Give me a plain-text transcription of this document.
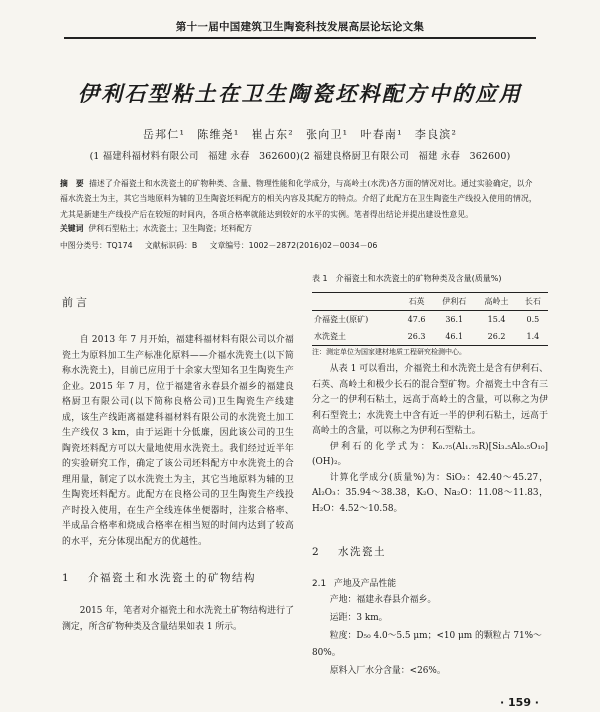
第十一届中国建筑卫生陶瓷科技发展高层论坛论文集
伊利石型粘土在卫生陶瓷坯料配方中的应用
岳邦仁¹　陈维尧¹　崔占东²　张向卫¹　叶春南¹　李良滨²
(1 福建科福材料有限公司　福建 永春　362600)(2 福建良格厨卫有限公司　福建 永春　362600)
摘　要 描述了介福瓷土和水洗瓷土的矿物种类、含量、物理性能和化学成分，与高岭土(水洗)各方面的情况对比。通过实验确定，以介福水洗瓷土为主，其它当地原料为辅的卫生陶瓷坯料配方的相关内容及其配方的特点。介绍了此配方在卫生陶瓷生产线投入使用的情况，尤其是新建生产线投产后在较短的时间内，各项合格率就能达到较好的水平的实例。笔者得出结论并提出建设性意见。
关键词 伊利石型粘土；水洗瓷土；卫生陶瓷；坯料配方
中图分类号：TQ174 文献标识码：B 文章编号：1002－2872(2016)02－0034－06
前言

自 2013 年 7 月开始，福建科福材料有限公司以介福瓷土为原料加工生产标准化原料——介福水洗瓷土(以下简称水洗瓷土)，目前已应用于十余家大型知名卫生陶瓷生产企业。2015 年 7 月，位于福建省永春县介福乡的福建良格厨卫有限公司(以下简称良格公司)卫生陶瓷生产线建成，该生产线距离福建科福材料有限公司的水洗瓷土加工生产线仅 3 km，由于运距十分低廉，因此该公司的卫生陶瓷坯料配方可以大量地使用水洗瓷土。我们经过近半年的实验研究工作，确定了该公司坯料配方中水洗瓷土的合理用量，制定了以水洗瓷土为主，其它当地原料为辅的卫生陶瓷坯料配方。此配方在良格公司的卫生陶瓷生产线投产时投入使用，在生产全线连体坐便器时，注浆合格率、半成品合格率和烧成合格率在相当短的时间内达到了较高的水平，充分体现出配方的优越性。

1 介福瓷土和水洗瓷土的矿物结构

2015 年，笔者对介福瓷土和水洗瓷土矿物结构进行了测定，所含矿物种类及含量结果如表 1 所示。

表 1　介福瓷土和水洗瓷土的矿物种类及含量(质量%)
	石英	伊利石	高岭土	长石
介福瓷土(原矿)	47.6	36.1	15.4	0.5
水洗瓷土	26.3	46.1	26.2	1.4
注：测定单位为国家建材地质工程研究检测中心。

从表 1 可以看出，介福瓷土和水洗瓷土是含有伊利石、石英、高岭土和极少长石的混合型矿物。介福瓷土中含有三分之一的伊利石粘土，远高于高岭土的含量，可以称之为伊利石型瓷土；水洗瓷土中含有近一半的伊利石粘土，远高于高岭土的含量，可以称之为伊利石型粘土。

伊利石的化学式为：K₀.₇₅(Al₁.₇₅R)[Si₃.₅Al₀.₅O₁₀](OH)₂。

计算化学成分(质量%)为：SiO₂：42.40～45.27，Al₂O₃：35.94～38.38，K₂O、Na₂O：11.08～11.83，H₂O：4.52～10.58。

2 水洗瓷土
2.1 产地及产品性能

产地：福建永春县介福乡。

运距：3 km。

粒度：D₅₀ 4.0～5.5 μm；<10 μm 的颗粒占 71%～80%。

原料入厂水分含量：<26%。

· 159 ·
